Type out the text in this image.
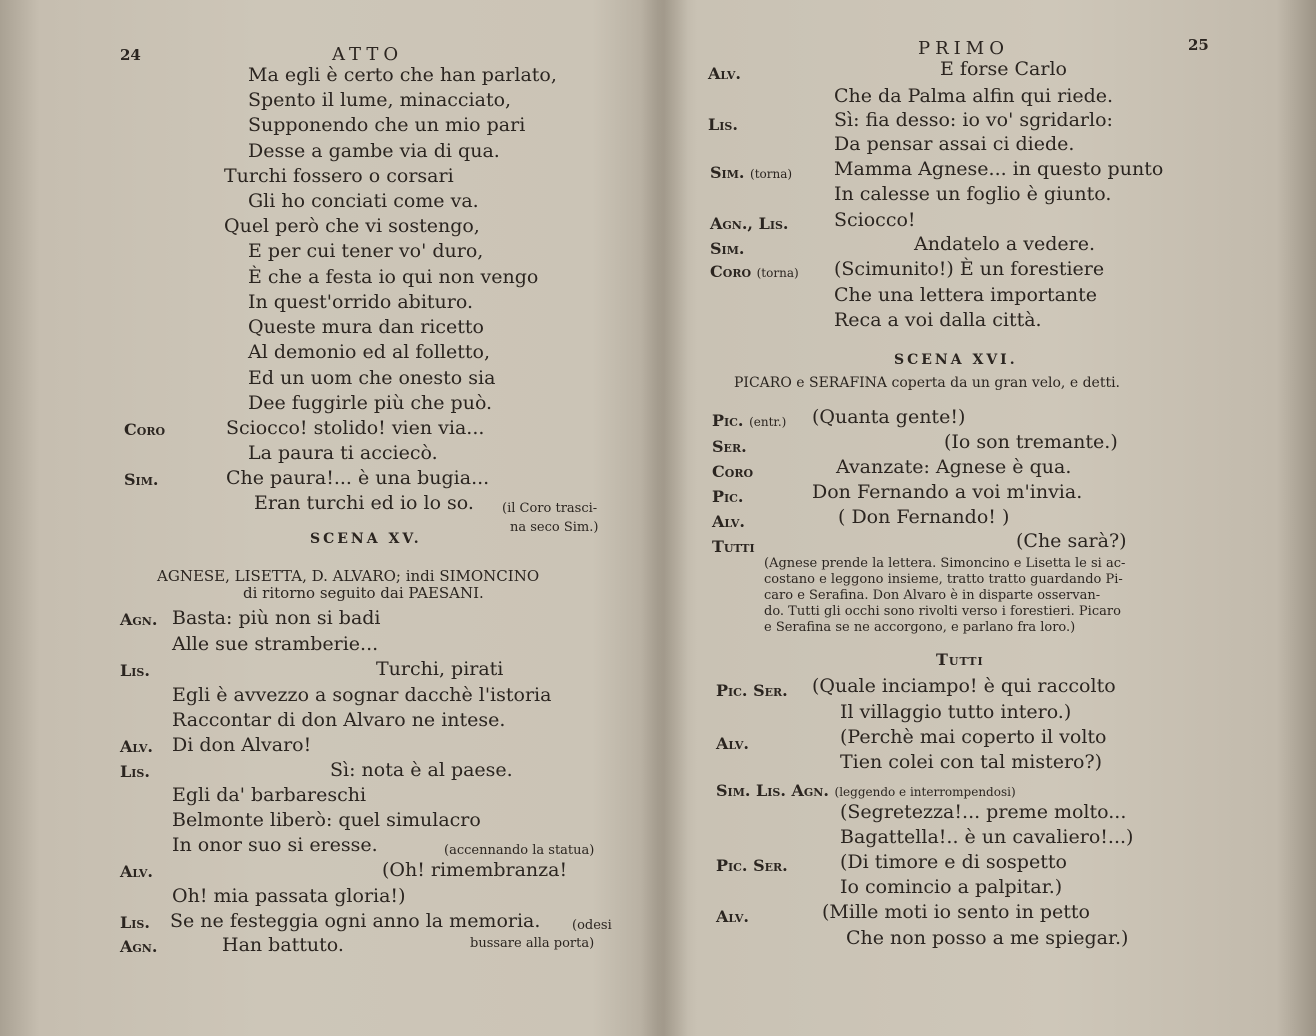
24	ATTO
Ma egli è certo che han parlato,
Spento il lume, minacciato,
Supponendo che un mio pari
Desse a gambe via di qua.
Turchi fossero o corsari
Gli ho conciati come va.
Quel però che vi sostengo,
E per cui tener vo' duro,
È che a festa io qui non vengo
In quest'orrido abituro.
Queste mura dan ricetto
Al demonio ed al folletto,
Ed un uom che onesto sia
Dee fuggirle più che può.
Coro	Sciocco! stolido! vien via...
La paura ti acciecò.
Sim.	Che paura!... è una bugia...
Eran turchi ed io lo so. (il Coro trasci-
na seco Sim.)
SCENA XV.
AGNESE, LISETTA, D. ALVARO; indi SIMONCINO
di ritorno seguito dai PAESANI.
Agn. Basta: più non si badi
Alle sue stramberie...
Lis.	Turchi, pirati
Egli è avvezzo a sognar dacchè l'istoria
Raccontar di don Alvaro ne intese.
Alv. Di don Alvaro!
Lis.	Sì: nota è al paese.
Egli da' barbareschi
Belmonte liberò: quel simulacro
In onor suo si eresse.	(accennando la statua)
Alv.	(Oh! rimembranza!
Oh! mia passata gloria!)
Lis. Se ne festeggia ogni anno la memoria. (odesi
Agn.	Han battuto.	bussare alla porta)
PRIMO	25
Alv.	E forse Carlo
Che da Palma alfin qui riede.
Lis.	Sì: fia desso: io vo' sgridarlo:
Da pensar assai ci diede.
Sim. (torna) Mamma Agnese... in questo punto
In calesse un foglio è giunto.
Agn., Lis. Sciocco!
Sim.	Andatelo a vedere.
Coro (torna) (Scimunito!) È un forestiere
Che una lettera importante
Reca a voi dalla città.
SCENA XVI.
PICARO e SERAFINA coperta da un gran velo, e detti.
Pic. (entr.) (Quanta gente!)
Ser.	(Io son tremante.)
Coro	Avanzate: Agnese è qua.
Pic.	Don Fernando a voi m'invia.
Alv.	( Don Fernando! )
Tutti	(Che sarà?)
(Agnese prende la lettera. Simoncino e Lisetta le si ac-
costano e leggono insieme, tratto tratto guardando Pi-
caro e Serafina. Don Alvaro è in disparte osservan-
do. Tutti gli occhi sono rivolti verso i forestieri. Picaro
e Serafina se ne accorgono, e parlano fra loro.)
Tutti
Pic. Ser. (Quale inciampo! è qui raccolto
Il villaggio tutto intero.)
Alv.	(Perchè mai coperto il volto
Tien colei con tal mistero?)
Sim. Lis. Agn. (leggendo e interrompendosi)
(Segretezza!... preme molto...
Bagattella!.. è un cavaliero!...)
Pic. Ser.	(Di timore e di sospetto
Io comincio a palpitar.)
Alv.	(Mille moti io sento in petto
Che non posso a me spiegar.)
